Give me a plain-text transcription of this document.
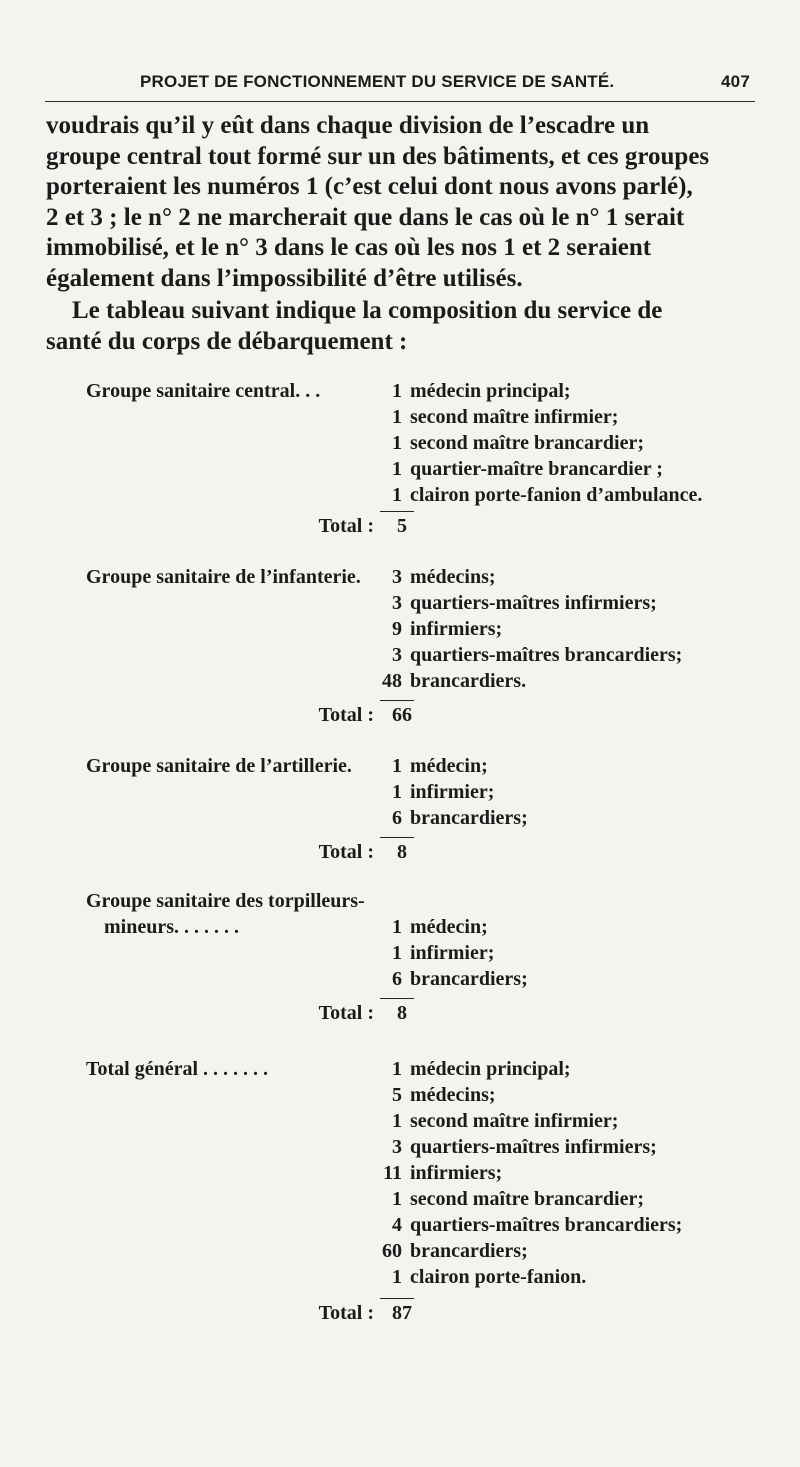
PROJET DE FONCTIONNEMENT DU SERVICE DE SANTÉ.	407
voudrais qu’il y eût dans chaque division de l’escadre un
groupe central tout formé sur un des bâtiments, et ces groupes
porteraient les numéros 1 (c’est celui dont nous avons parlé),
2 et 3 ; le n° 2 ne marcherait que dans le cas où le n° 1 serait
immobilisé, et le n° 3 dans le cas où les nos 1 et 2 seraient
également dans l’impossibilité d’être utilisés.
Le tableau suivant indique la composition du service de
santé du corps de débarquement :
Groupe sanitaire central. . .	1 médecin principal;
1 second maître infirmier;
1 second maître brancardier;
1 quartier-maître brancardier ;
1 clairon porte-fanion d’ambulance.
Total : 5
Groupe sanitaire de l’infanterie.	3 médecins;
3 quartiers-maîtres infirmiers;
9 infirmiers;
3 quartiers-maîtres brancardiers;
48 brancardiers.
Total : 66
Groupe sanitaire de l’artillerie.	1 médecin;
1 infirmier;
6 brancardiers;
Total : 8
Groupe sanitaire des torpilleurs-
mineurs. . . . . . .	1 médecin;
1 infirmier;
6 brancardiers;
Total : 8
Total général . . . . . . .	1 médecin principal;
5 médecins;
1 second maître infirmier;
3 quartiers-maîtres infirmiers;
11 infirmiers;
1 second maître brancardier;
4 quartiers-maîtres brancardiers;
60 brancardiers;
1 clairon porte-fanion.
Total : 87
